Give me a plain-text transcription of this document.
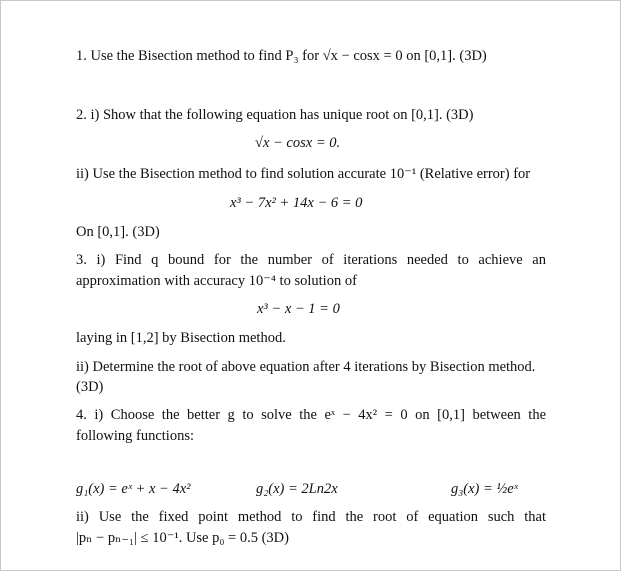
1. Use the Bisection method to find P₃ for √x − cosx = 0 on [0,1]. (3D)
2. i) Show that the following equation has unique root on [0,1]. (3D)
√x − cosx = 0.
ii) Use the Bisection method to find solution accurate 10⁻¹ (Relative error) for
x³ − 7x² + 14x − 6 = 0
On [0,1]. (3D)
3. i) Find q bound for the number of iterations needed to achieve an
approximation with accuracy 10⁻⁴ to solution of
x³ − x − 1 = 0
laying in [1,2] by Bisection method.
ii) Determine the root of above equation after 4 iterations by Bisection method.
(3D)
4. i) Choose the better g to solve the eˣ − 4x² = 0 on [0,1] between the
following functions:
g₁(x) = eˣ + x − 4x²	g₂(x) = 2Ln2x	g₃(x) = ½eˣ
ii) Use the fixed point method to find the root of equation such that
|pₙ − pₙ₋₁| ≤ 10⁻¹. Use p₀ = 0.5 (3D)
